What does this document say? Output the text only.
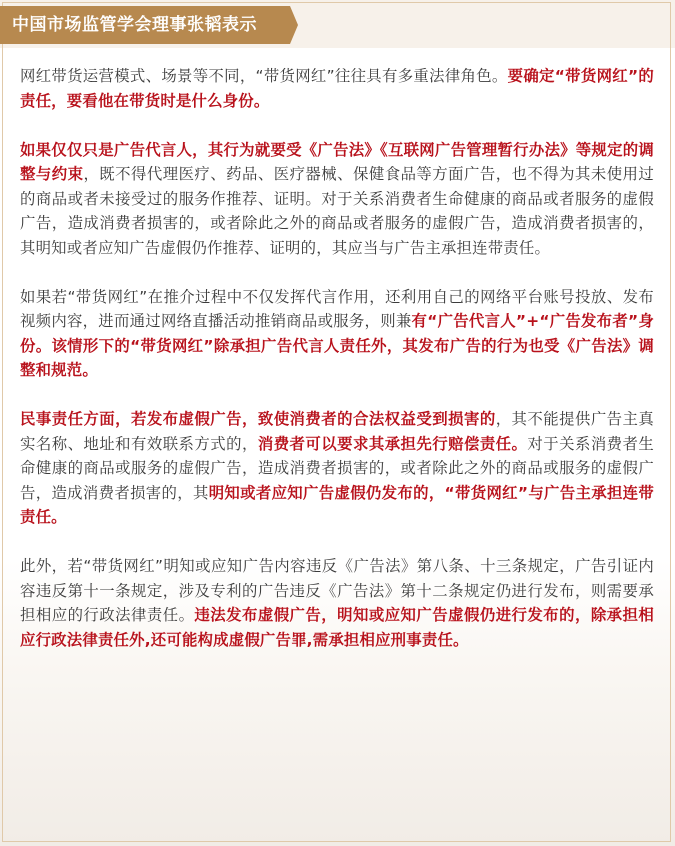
中国市场监管学会理事张韬表示

网红带货运营模式、场景等不同，“带货网红”往往具有多重法律角色。要确定“带货网红”的责任，要看他在带货时是什么身份。

如果仅仅只是广告代言人，其行为就要受《广告法》《互联网广告管理暂行办法》等规定的调整与约束，既不得代理医疗、药品、医疗器械、保健食品等方面广告，也不得为其未使用过的商品或者未接受过的服务作推荐、证明。对于关系消费者生命健康的商品或者服务的虚假广告，造成消费者损害的，或者除此之外的商品或者服务的虚假广告，造成消费者损害的，其明知或者应知广告虚假仍作推荐、证明的，其应当与广告主承担连带责任。

如果若“带货网红”在推介过程中不仅发挥代言作用，还利用自己的网络平台账号投放、发布视频内容，进而通过网络直播活动推销商品或服务，则兼有“广告代言人”+“广告发布者”身份。该情形下的“带货网红”除承担广告代言人责任外，其发布广告的行为也受《广告法》调整和规范。

民事责任方面，若发布虚假广告，致使消费者的合法权益受到损害的，其不能提供广告主真实名称、地址和有效联系方式的，消费者可以要求其承担先行赔偿责任。对于关系消费者生命健康的商品或服务的虚假广告，造成消费者损害的，或者除此之外的商品或服务的虚假广告，造成消费者损害的，其明知或者应知广告虚假仍发布的，“带货网红”与广告主承担连带责任。

此外，若“带货网红”明知或应知广告内容违反《广告法》第八条、十三条规定，广告引证内容违反第十一条规定，涉及专利的广告违反《广告法》第十二条规定仍进行发布，则需要承担相应的行政法律责任。违法发布虚假广告，明知或应知广告虚假仍进行发布的，除承担相应行政法律责任外,还可能构成虚假广告罪,需承担相应刑事责任。
